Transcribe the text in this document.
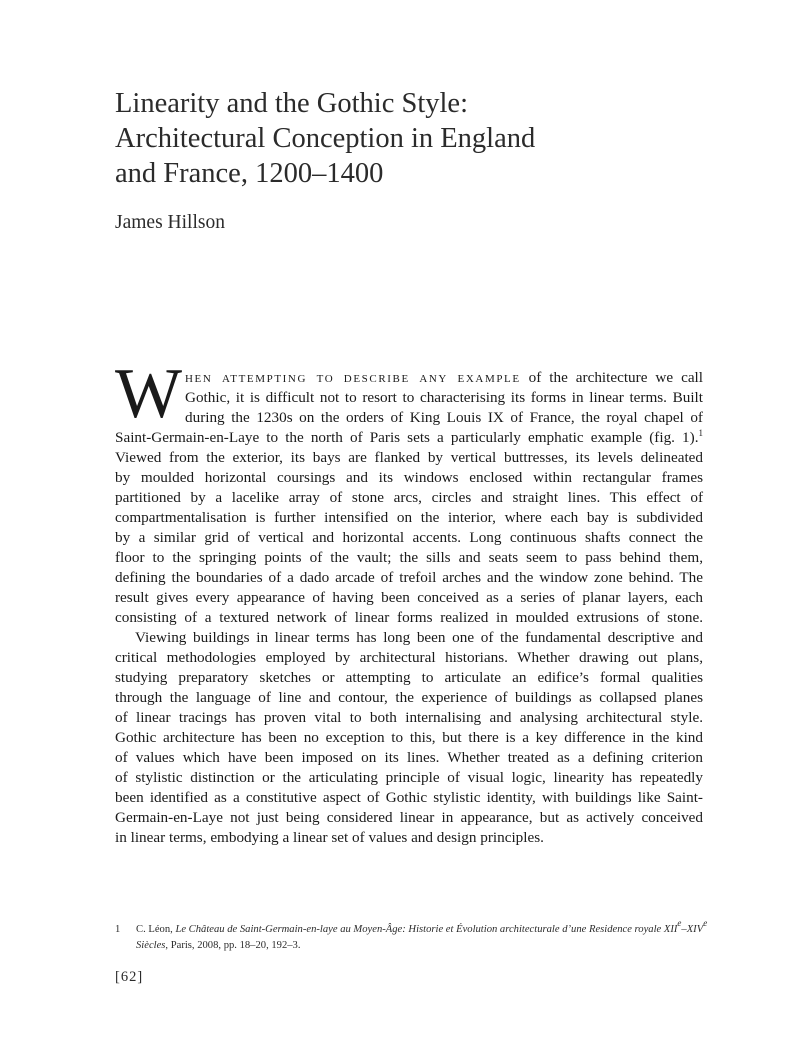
Linearity and the Gothic Style:
Architectural Conception in England
and France, 1200–1400
James Hillson
W hen attempting to describe any example of the architecture we call
Gothic, it is difficult not to resort to characterising its forms in linear terms. Built
during the 1230s on the orders of King Louis IX of France, the royal chapel of
Saint-Germain-en-Laye to the north of Paris sets a particularly emphatic example (fig. 1).$^1$
Viewed from the exterior, its bays are flanked by vertical buttresses, its levels delineated
by moulded horizontal coursings and its windows enclosed within rectangular frames
partitioned by a lacelike array of stone arcs, circles and straight lines. This effect of
compartmentalisation is further intensified on the interior, where each bay is subdivided
by a similar grid of vertical and horizontal accents. Long continuous shafts connect the
floor to the springing points of the vault; the sills and seats seem to pass behind them,
defining the boundaries of a dado arcade of trefoil arches and the window zone behind. The
result gives every appearance of having been conceived as a series of planar layers, each
consisting of a textured network of linear forms realized in moulded extrusions of stone.
Viewing buildings in linear terms has long been one of the fundamental descriptive and
critical methodologies employed by architectural historians. Whether drawing out plans,
studying preparatory sketches or attempting to articulate an edifice’s formal qualities
through the language of line and contour, the experience of buildings as collapsed planes
of linear tracings has proven vital to both internalising and analysing architectural style.
Gothic architecture has been no exception to this, but there is a key difference in the kind
of values which have been imposed on its lines. Whether treated as a defining criterion
of stylistic distinction or the articulating principle of visual logic, linearity has repeatedly
been identified as a constitutive aspect of Gothic stylistic identity, with buildings like Saint-
Germain-en-Laye not just being considered linear in appearance, but as actively conceived
in linear terms, embodying a linear set of values and design principles.
1 C. Léon, Le Château de Saint-Germain-en-laye au Moyen-Âge: Historie et Évolution architecturale d’une Residence royale XIIe–XIVe
Siècles, Paris, 2008, pp. 18–20, 192–3.
[62]
